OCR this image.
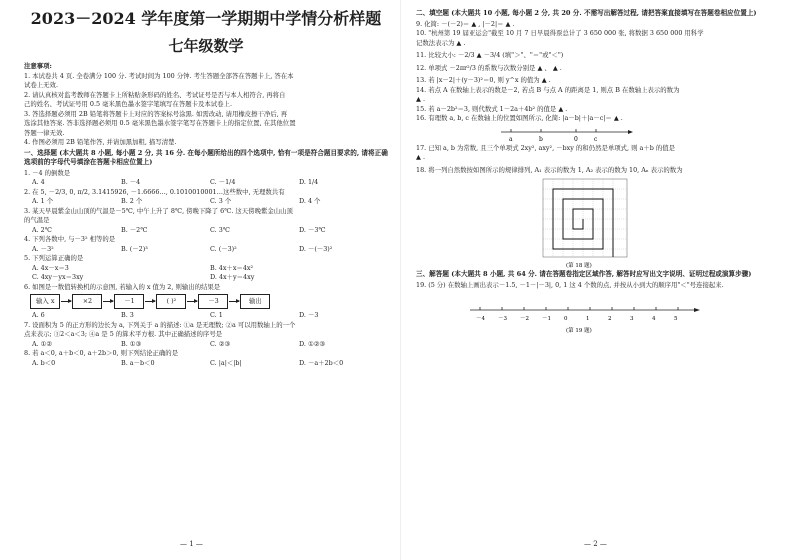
2023－2024 学年度第一学期期中学情分析样题

七年级数学

注意事项:

1. 本试卷共 4 页. 全卷满分 100 分. 考试时间为 100 分钟. 考生答题全部答在答题卡上, 答在本

试卷上无效.

2. 请认真核对监考教师在答题卡上所粘贴条形码的姓名、考试证号是否与本人相符合, 再将自

己的姓名、考试证号用 0.5 毫米黑色墨水签字笔填写在答题卡及本试卷上.

3. 答选择题必须用 2B 铅笔将答题卡上对应的答案标号涂黑. 如需改动, 请用橡皮擦干净后, 再

选涂其他答案. 答非选择题必须用 0.5 毫米黑色墨水签字笔写在答题卡上的指定位置, 在其他位置

答题一律无效.

4. 作图必须用 2B 铅笔作答, 并请加黑加粗, 描写清楚.

一、选择题 (本大题共 8 小题, 每小题 2 分, 共 16 分. 在每小题所给出的四个选项中, 恰有一项是符合题目要求的, 请将正确选项前的字母代号填涂在答题卡相应位置上)

1. －4 的倒数是

A. 4	B. －4	C. －1/4	D. 1/4

2. 在 5, －2/3, 0, π/2, 3.1415926, －1.6666…, 0.1010010001…这些数中, 无理数共有

A. 1 个	B. 2 个	C. 3 个	D. 4 个

3. 某天早晨紫金山山顶的气温是－5℃, 中午上升了 8℃, 傍晚下降了 6℃. 这天傍晚紫金山山顶

的气温是

A. 2℃	B. －2℃	C. 3℃	D. －3℃

4. 下列各数中, 与－3² 相等的是

A. －3²	B. (－2)³	C. (－3)²	D. －(－3)²

5. 下列运算正确的是

A. 4x－x＝3	B. 4x＋x＝4x²
C. 4xy－yx＝3xy	D. 4x＋y＝4xy

6. 如图是一数值转换机的示意图, 若输入的 x 值为 2, 则输出的结果是

输入 x	×2	－1	( )²	－3	输出
A. 6	B. 3	C. 1	D. －3

7. 设面积为 5 的正方形的边长为 a, 下列关于 a 的描述: ①a 是无理数; ②a 可以用数轴上的一个

点来表示; ③2＜a＜3; ④a 是 5 的算术平方根. 其中正确描述的序号是

A. ①②	B. ①③	C. ②③	D. ①②③

8. 若 a＜0, a＋b＜0, a＋2b＞0, 则下列结论正确的是

A. b＜0	B. a－b＜0	C. |a|＜|b|	D. －a＋2b＜0
— 1 —

二、填空题 (本大题共 10 小题, 每小题 2 分, 共 20 分. 不需写出解答过程, 请把答案直接填写在答题卷相应位置上)

9. 化简: －(－2)＝ ▲ , |－2|＝ ▲ .

10. "杭州第 19 届亚运会"截至 10 月 7 日早晨得票总计了 3 650 000 张, 将数据 3 650 000 用科学

记数法表示为 ▲ .

11. 比较大小: －2/3 ▲ －3/4 (填"＞"、"＝"或"＜")

12. 单项式 －2πr²/3 的系数与次数分别是 ▲ 、 ▲ .

13. 若 |x－2|＋(y－3)²＝0, 则 y^x 的值为 ▲ .

14. 若点 A 在数轴上表示的数是－2, 若点 B 与点 A 的距离是 1, 则点 B 在数轴上表示的数为

▲ .

15. 若 a－2b²＝3, 则代数式 1－2a＋4b² 的值是 ▲ .

16. 有理数 a, b, c 在数轴上的位置如图所示, 化简: |a－b|＋|a－c|＝ ▲ .

a	b	0	c

17. 已知 a, b 为常数, 且三个单项式 2xy², axy², －bxy 的和仍然是单项式, 则 a＋b 的值是

▲ .

18. 将一列自然数按如图所示的规律排列, A₁ 表示的数为 1, A₂ 表示的数为 10, Aₙ 表示的数为

(第 18 题)

三、解答题 (本大题共 8 小题, 共 64 分. 请在答题卷指定区域作答, 解答时应写出文字说明、证明过程或演算步骤)

19. (5 分) 在数轴上画出表示－1.5, －1－|－3|, 0, 1 这 4 个数的点, 并按从小到大的顺序用"＜"号连接起来.

－4 －3 －2 －1 0	1	2	3	4	5
(第 19 题)
— 2 —
